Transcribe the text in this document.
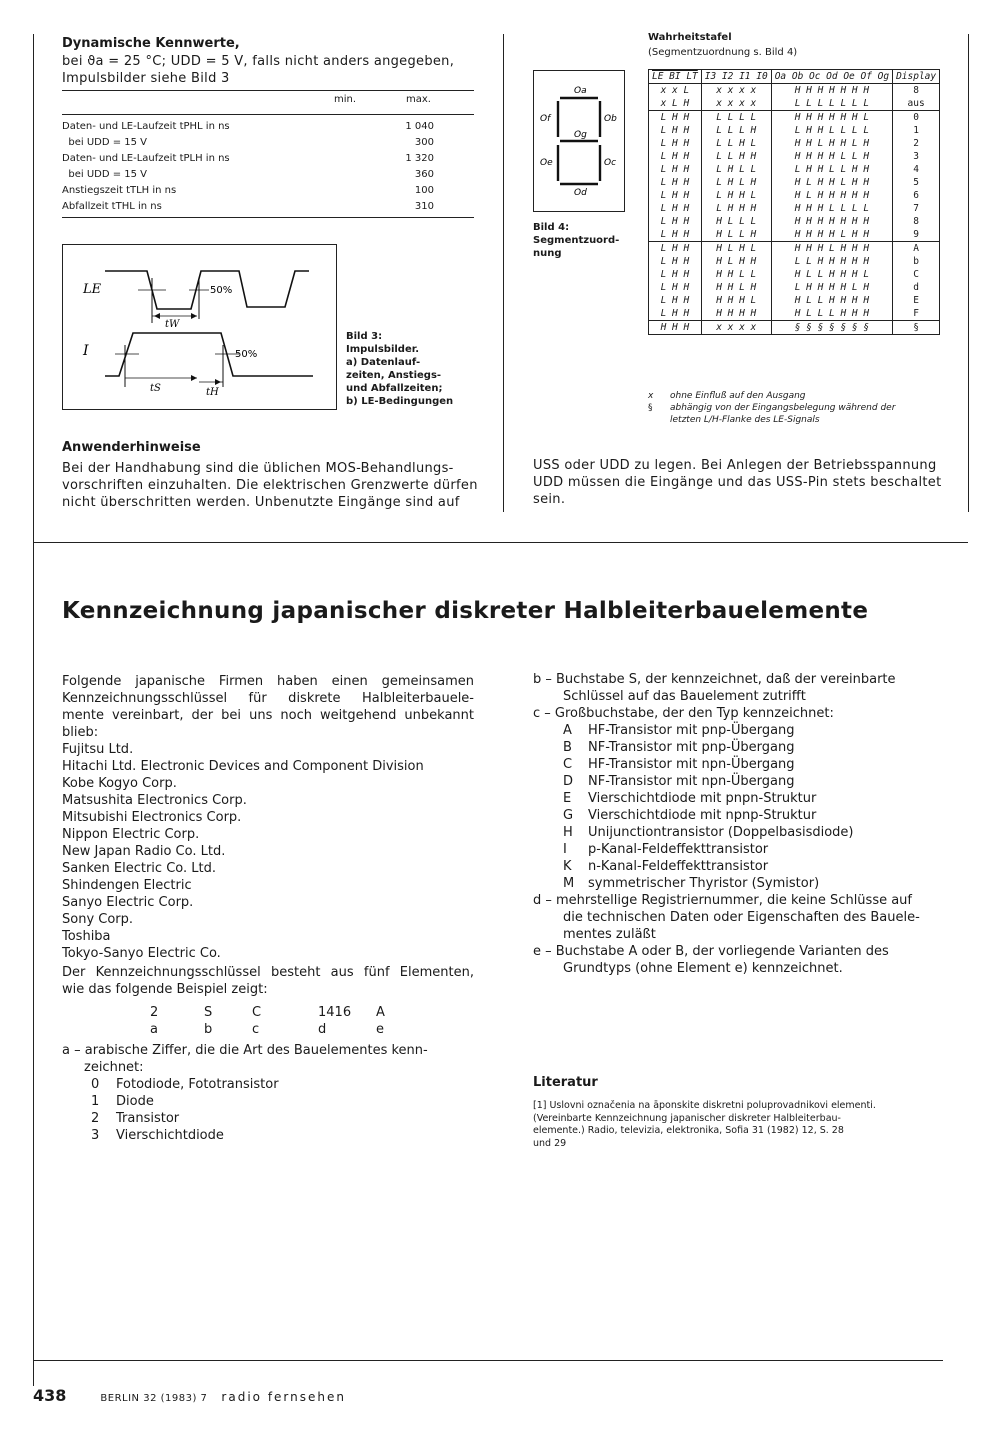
Dynamische Kennwerte,
bei ϑa = 25 °C; UDD = 5 V, falls nicht anders angegeben,
Impulsbilder siehe Bild 3
min.	max.
Daten- und LE-Laufzeit tPHL in ns	1 040
bei UDD = 15 V	300
Daten- und LE-Laufzeit tPLH in ns	1 320
bei UDD = 15 V	360
Anstiegszeit tTLH in ns	100
Abfallzeit tTHL in ns	310
LE
I
50%
50%
tW
tS	tH
Bild 3:
Impulsbilder.
a) Datenlauf-
zeiten, Anstiegs-
und Abfallzeiten;
b) LE-Bedingungen
Anwenderhinweise
Bei der Handhabung sind die üblichen MOS-Behandlungs-
vorschriften einzuhalten. Die elektrischen Grenzwerte dürfen
nicht überschritten werden. Unbenutzte Eingänge sind auf
Oa
Ob
Oc
Od
Oe
Of
Og
Bild 4:
Segmentzuord-
nung
Wahrheitstafel
(Segmentzuordnung s. Bild 4)
LE BI LT	I3 I2 I1 I0	Oa Ob Oc Od Oe Of Og	Display
x x L	x x x x	H H H H H H H	8
x L H	x x x x	L L L L L L L	aus
L H H	L L L L	H H H H H H L	0
L H H	L L L H	L H H L L L L	1
L H H	L L H L	H H L H H L H	2
L H H	L L H H	H H H H L L H	3
L H H	L H L L	L H H L L H H	4
L H H	L H L H	H L H H L H H	5
L H H	L H H L	H L H H H H H	6
L H H	L H H H	H H H L L L L	7
L H H	H L L L	H H H H H H H	8
L H H	H L L H	H H H H L H H	9
L H H	H L H L	H H H L H H H	A
L H H	H L H H	L L H H H H H	b
L H H	H H L L	H L L H H H L	C
L H H	H H L H	L H H H H L H	d
L H H	H H H L	H L L H H H H	E
L H H	H H H H	H L L L H H H	F
H H H	x x x x	§ § § § § § §	§
x ohne Einfluß auf den Ausgang
§ abhängig von der Eingangsbelegung während der
letzten L/H-Flanke des LE-Signals
USS oder UDD zu legen. Bei Anlegen der Betriebsspannung
UDD müssen die Eingänge und das USS-Pin stets beschaltet
sein.
Kennzeichnung japanischer diskreter Halbleiterbauelemente
Folgende japanische Firmen haben einen gemeinsamen
Kennzeichnungsschlüssel für diskrete Halbleiterbauele-
mente vereinbart, der bei uns noch weitgehend unbekannt
blieb:
Fujitsu Ltd.
Hitachi Ltd. Electronic Devices and Component Division
Kobe Kogyo Corp.
Matsushita Electronics Corp.
Mitsubishi Electronics Corp.
Nippon Electric Corp.
New Japan Radio Co. Ltd.
Sanken Electric Co. Ltd.
Shindengen Electric
Sanyo Electric Corp.
Sony Corp.
Toshiba
Tokyo-Sanyo Electric Co.
Der Kennzeichnungsschlüssel besteht aus fünf Elementen,
wie das folgende Beispiel zeigt:
2	S	C	1416	A
a	b	c	d	e
a – arabische Ziffer, die die Art des Bauelementes kenn-
zeichnet:
0 Fotodiode, Fototransistor
1 Diode
2 Transistor
3 Vierschichtdiode
b – Buchstabe S, der kennzeichnet, daß der vereinbarte
Schlüssel auf das Bauelement zutrifft
c – Großbuchstabe, der den Typ kennzeichnet:
A HF-Transistor mit pnp-Übergang
B NF-Transistor mit pnp-Übergang
C HF-Transistor mit npn-Übergang
D NF-Transistor mit npn-Übergang
E Vierschichtdiode mit pnpn-Struktur
G Vierschichtdiode mit npnp-Struktur
H Unijunctiontransistor (Doppelbasisdiode)
I p-Kanal-Feldeffekttransistor
K n-Kanal-Feldeffekttransistor
M symmetrischer Thyristor (Symistor)
d – mehrstellige Registriernummer, die keine Schlüsse auf
die technischen Daten oder Eigenschaften des Bauele-
mentes zuläßt
e – Buchstabe A oder B, der vorliegende Varianten des
Grundtyps (ohne Element e) kennzeichnet.
Literatur
[1] Uslovni označenia na āponskite diskretni poluprovadnikovi elementi.
(Vereinbarte Kennzeichnung japanischer diskreter Halbleiterbau-
elemente.) Radio, televizia, elektronika, Sofia 31 (1982) 12, S. 28
und 29
438	BERLIN 32 (1983) 7 radio fernsehen
